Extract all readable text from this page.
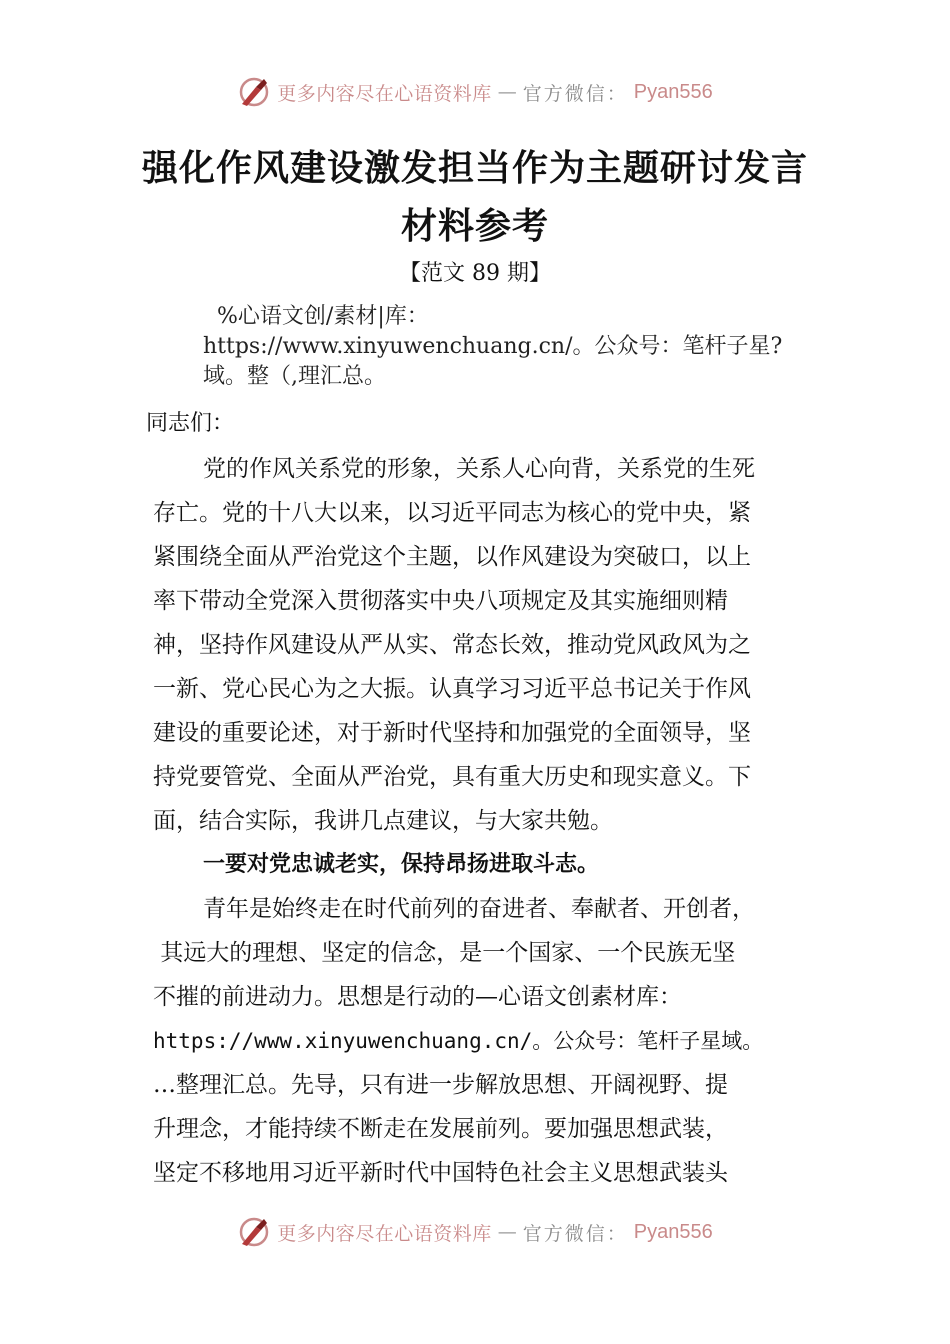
更多内容尽在心语资料库 — 官方微信： Pyan556
强化作风建设激发担当作为主题研讨发言
材料参考
【范文 89 期】
%心语文创/素材|库：
https://www.xinyuwenchuang.cn/。公众号：笔杆子星?
域。整（,理汇总。
同志们：

党的作风关系党的形象，关系人心向背，关系党的生死
存亡。党的十八大以来，以习近平同志为核心的党中央，紧
紧围绕全面从严治党这个主题，以作风建设为突破口，以上
率下带动全党深入贯彻落实中央八项规定及其实施细则精
神，坚持作风建设从严从实、常态长效，推动党风政风为之
一新、党心民心为之大振。认真学习习近平总书记关于作风
建设的重要论述，对于新时代坚持和加强党的全面领导，坚
持党要管党、全面从严治党，具有重大历史和现实意义。下
面，结合实际，我讲几点建议，与大家共勉。

一要对党忠诚老实，保持昂扬进取斗志。

青年是始终走在时代前列的奋进者、奉献者、开创者，
其远大的理想、坚定的信念，是一个国家、一个民族无坚
不摧的前进动力。思想是行动的—心语文创素材库：
https://www.xinyuwenchuang.cn/。公众号：笔杆子星域。
…整理汇总。先导，只有进一步解放思想、开阔视野、提
升理念，才能持续不断走在发展前列。要加强思想武装，
坚定不移地用习近平新时代中国特色社会主义思想武装头

更多内容尽在心语资料库 — 官方微信： Pyan556
